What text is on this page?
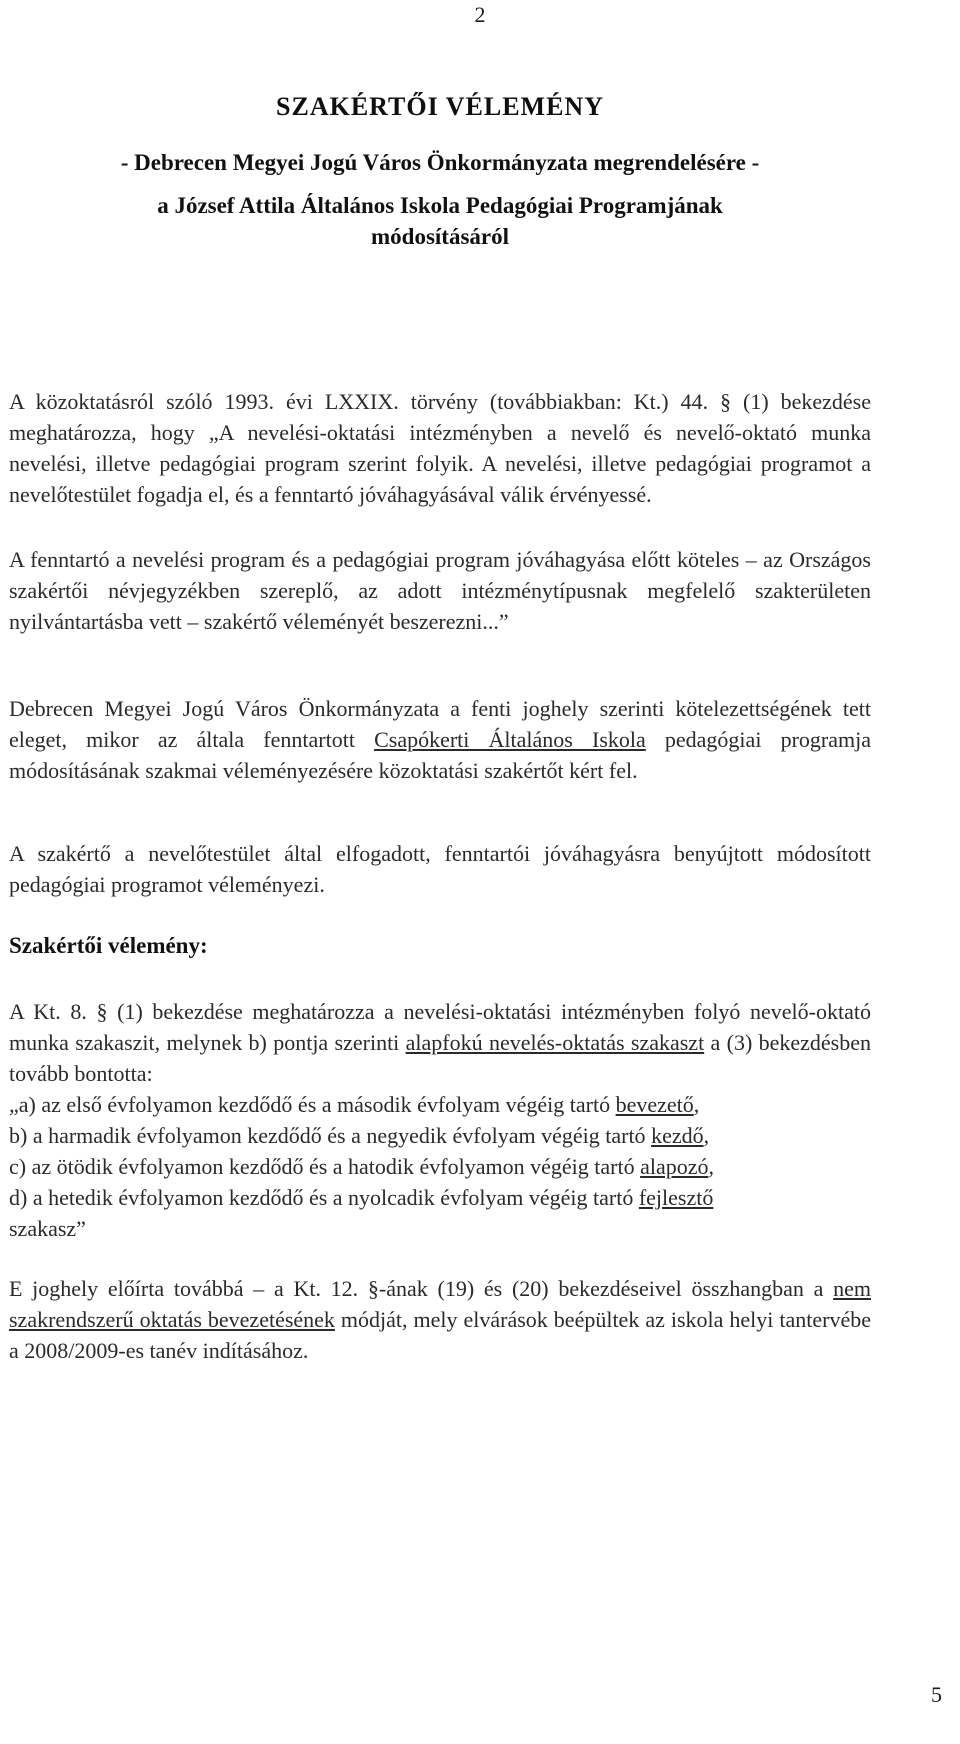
2
SZAKÉRTŐI VÉLEMÉNY
- Debrecen Megyei Jogú Város Önkormányzata megrendelésére -
a József Attila Általános Iskola Pedagógiai Programjának
módosításáról

A közoktatásról szóló 1993. évi LXXIX. törvény (továbbiakban: Kt.) 44. § (1) bekezdése meghatározza, hogy „A nevelési-oktatási intézményben a nevelő és nevelő-oktató munka nevelési, illetve pedagógiai program szerint folyik. A nevelési, illetve pedagógiai programot a nevelőtestület fogadja el, és a fenntartó jóváhagyásával válik érvényessé.

A fenntartó a nevelési program és a pedagógiai program jóváhagyása előtt köteles – az Országos szakértői névjegyzékben szereplő, az adott intézménytípusnak megfelelő szakterületen nyilvántartásba vett – szakértő véleményét beszerezni...”

Debrecen Megyei Jogú Város Önkormányzata a fenti joghely szerinti kötelezettségének tett eleget, mikor az általa fenntartott Csapókerti Általános Iskola pedagógiai programja módosításának szakmai véleményezésére közoktatási szakértőt kért fel.

A szakértő a nevelőtestület által elfogadott, fenntartói jóváhagyásra benyújtott módosított pedagógiai programot véleményezi.

Szakértői vélemény:

A Kt. 8. § (1) bekezdése meghatározza a nevelési-oktatási intézményben folyó nevelő-oktató munka szakaszit, melynek b) pontja szerinti alapfokú nevelés-oktatás szakaszt a (3) bekezdésben tovább bontotta:

„a) az első évfolyamon kezdődő és a második évfolyam végéig tartó bevezető,

b) a harmadik évfolyamon kezdődő és a negyedik évfolyam végéig tartó kezdő,

c) az ötödik évfolyamon kezdődő és a hatodik évfolyamon végéig tartó alapozó,

d) a hetedik évfolyamon kezdődő és a nyolcadik évfolyam végéig tartó fejlesztő

szakasz”

E joghely előírta továbbá – a Kt. 12. §-ának (19) és (20) bekezdéseivel összhangban a nem szakrendszerű oktatás bevezetésének módját, mely elvárások beépültek az iskola helyi tantervébe a 2008/2009-es tanév indításához.

5
